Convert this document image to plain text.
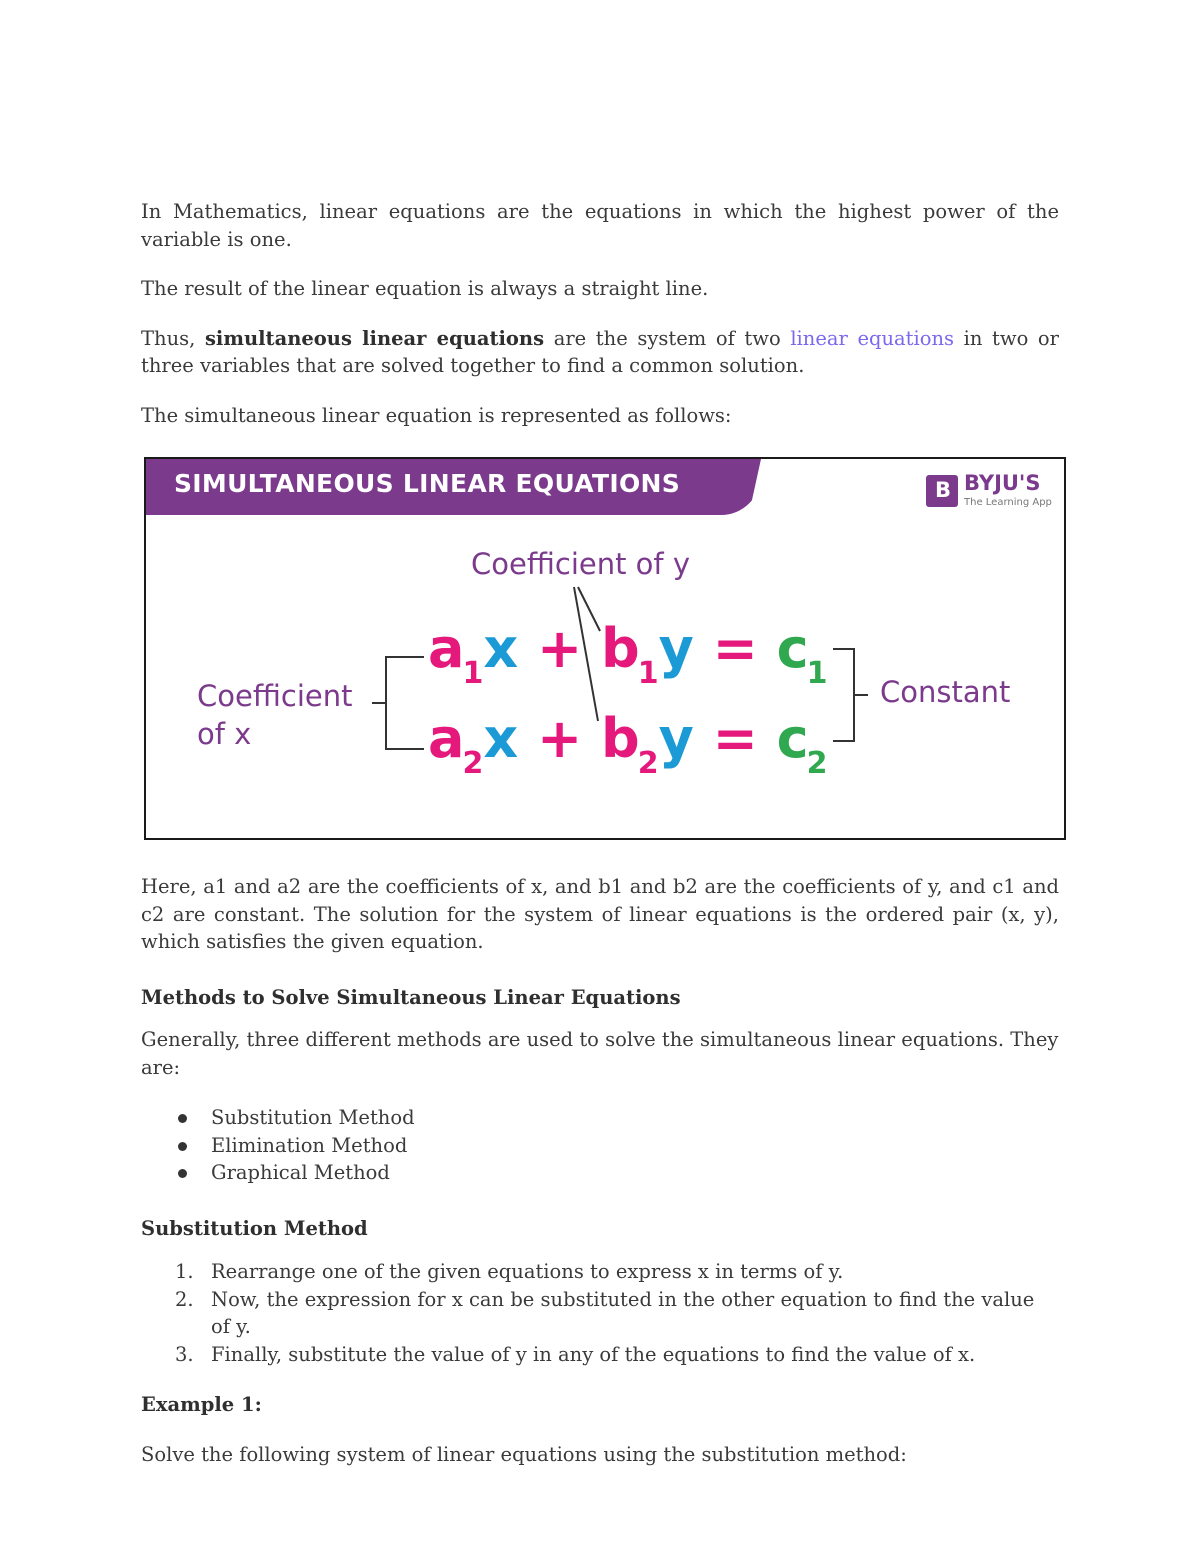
In Mathematics, linear equations are the equations in which the highest power of the variable is one.

The result of the linear equation is always a straight line.

Thus, simultaneous linear equations are the system of two linear equations in two or three variables that are solved together to find a common solution.

The simultaneous linear equation is represented as follows:

Here, a1 and a2 are the coefficients of x, and b1 and b2 are the coefficients of y, and c1 and c2 are constant. The solution for the system of linear equations is the ordered pair (x, y), which satisfies the given equation.

Methods to Solve Simultaneous Linear Equations

Generally, three different methods are used to solve the simultaneous linear equations. They are:

Substitution Method
Elimination Method
Graphical Method

Substitution Method

1. Rearrange one of the given equations to express x in terms of y.
2. Now, the expression for x can be substituted in the other equation to find the value of y.
3. Finally, substitute the value of y in any of the equations to find the value of x.

Example 1:

Solve the following system of linear equations using the substitution method:

SIMULTANEOUS LINEAR EQUATIONS	B BYJU'S
The Learning App
Coefficient of y
Coefficient
of x
Constant
$a_1x + b_1y = c_1$
$a_2x + b_2y = c_2$
